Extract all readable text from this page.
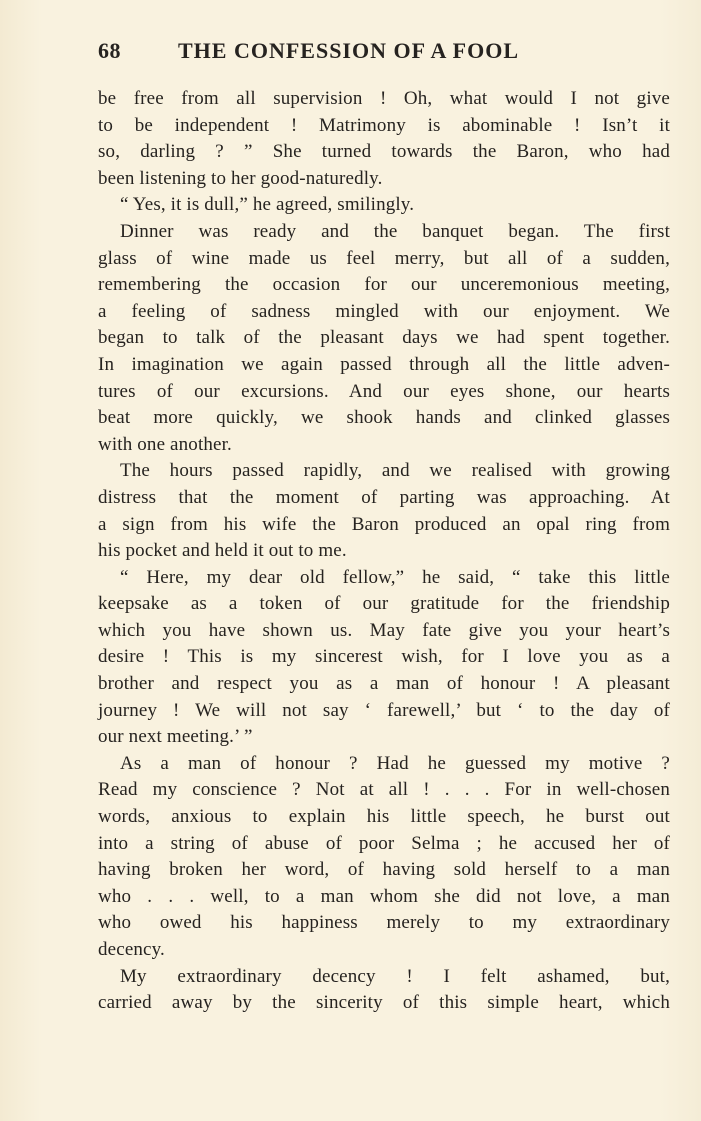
68	THE CONFESSION OF A FOOL
be free from all supervision ! Oh, what would I not give
to be independent ! Matrimony is abominable ! Isn’t it
so, darling ? ” She turned towards the Baron, who had
been listening to her good-naturedly.
“ Yes, it is dull,” he agreed, smilingly.
Dinner was ready and the banquet began. The first
glass of wine made us feel merry, but all of a sudden,
remembering the occasion for our unceremonious meeting,
a feeling of sadness mingled with our enjoyment. We
began to talk of the pleasant days we had spent together.
In imagination we again passed through all the little adven-
tures of our excursions. And our eyes shone, our hearts
beat more quickly, we shook hands and clinked glasses
with one another.
The hours passed rapidly, and we realised with growing
distress that the moment of parting was approaching. At
a sign from his wife the Baron produced an opal ring from
his pocket and held it out to me.
“ Here, my dear old fellow,” he said, “ take this little
keepsake as a token of our gratitude for the friendship
which you have shown us. May fate give you your heart’s
desire ! This is my sincerest wish, for I love you as a
brother and respect you as a man of honour ! A pleasant
journey ! We will not say ‘ farewell,’ but ‘ to the day of
our next meeting.’ ”
As a man of honour ? Had he guessed my motive ?
Read my conscience ? Not at all ! . . . For in well-chosen
words, anxious to explain his little speech, he burst out
into a string of abuse of poor Selma ; he accused her of
having broken her word, of having sold herself to a man
who . . . well, to a man whom she did not love, a man
who owed his happiness merely to my extraordinary
decency.
My extraordinary decency ! I felt ashamed, but,
carried away by the sincerity of this simple heart, which
